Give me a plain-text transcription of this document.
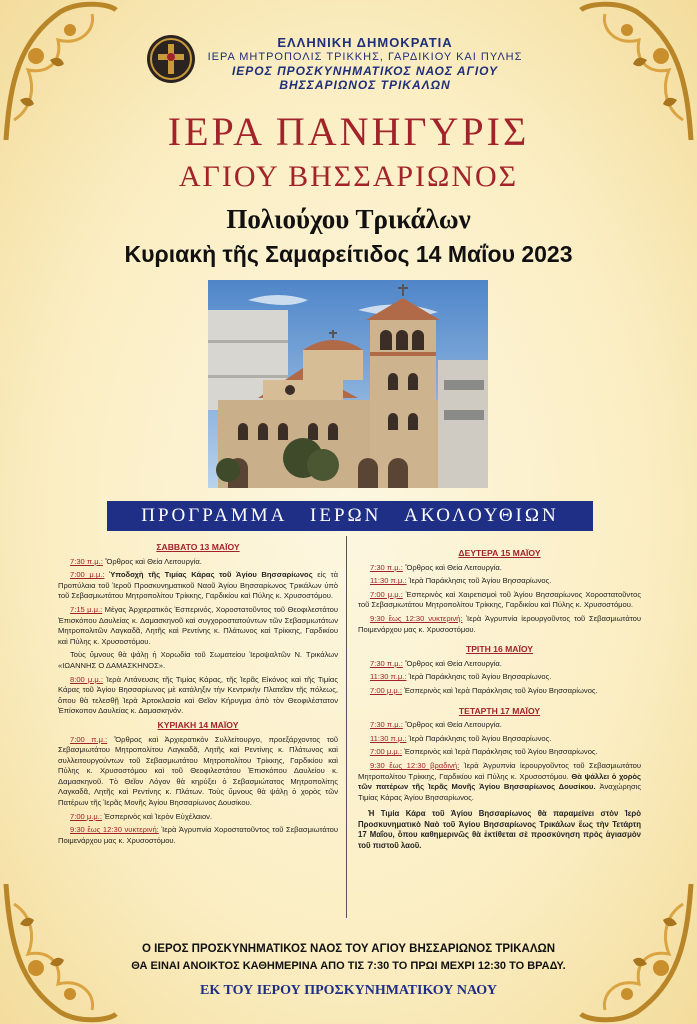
ΕΛΛΗΝΙΚΗ ΔΗΜΟΚΡΑΤΙΑ
ΙΕΡΑ ΜΗΤΡΟΠΟΛΙΣ ΤΡΙΚΚΗΣ, ΓΑΡΔΙΚΙΟΥ ΚΑΙ ΠΥΛΗΣ
ΙΕΡΟΣ ΠΡΟΣΚΥΝΗΜΑΤΙΚΟΣ ΝΑΟΣ ΑΓΙΟΥ
ΒΗΣΣΑΡΙΩΝΟΣ ΤΡΙΚΑΛΩΝ
ΙΕΡΑ ΠΑΝΗΓΥΡΙΣ
ΑΓΙΟΥ ΒΗΣΣΑΡΙΩΝΟΣ
Πολιούχου Τρικάλων
Κυριακὴ τῆς Σαμαρείτιδος 14 Μαΐου 2023
ΠΡΟΓΡΑΜΜΑ ΙΕΡΩΝ ΑΚΟΛΟΥΘΙΩΝ
ΣΑΒΒΑΤΟ 13 ΜΑΪΟΥ
7:30 π.μ.: Ὄρθρος καὶ Θεία Λειτουργία.
7:00 μ.μ.: Ὑποδοχὴ τῆς Τιμίας Κάρας τοῦ Ἁγίου Βησσαρίωνος εἰς τὰ Προπύλαια τοῦ Ἱεροῦ Προσκυνηματικοῦ Ναοῦ Ἁγίου Βησσαρίωνος Τρικάλων ὑπὸ τοῦ Σεβασμιωτάτου Μητροπολίτου Τρίκκης, Γαρδικίου καὶ Πύλης κ. Χρυσοστόμου.
7:15 μ.μ.: Μέγας Ἀρχιερατικὸς Ἑσπερινός, Χοροστατοῦντος τοῦ Θεοφιλεστάτου Ἐπισκόπου Δαυλείας κ. Δαμασκηνοῦ καὶ συγχοροστατούντων τῶν Σεβασμιωτάτων Μητροπολιτῶν Λαγκαδᾶ, Λητῆς καὶ Ρεντίνης κ. Πλάτωνος καὶ Τρίκκης, Γαρδικίου καὶ Πύλης κ. Χρυσοστόμου.
Τοὺς ὕμνους θὰ ψάλῃ ἡ Χορωδία τοῦ Σωματείου Ἱεροψαλτῶν Ν. Τρικάλων «ΙΩΑΝΝΗΣ Ο ΔΑΜΑΣΚΗΝΟΣ».
8:00 μ.μ.: Ἱερὰ Λιτάνευσις τῆς Τιμίας Κάρας, τῆς Ἱερᾶς Εἰκόνος καὶ τῆς Τιμίας Κάρας τοῦ Ἁγίου Βησσαρίωνος μὲ κατάληξιν τὴν Κεντρικὴν Πλατεῖαν τῆς πόλεως, ὅπου θὰ τελεσθῇ Ἱερὰ Ἀρτοκλασία καὶ Θεῖον Κήρυγμα ἀπὸ τὸν Θεοφιλέστατον Ἐπίσκοπον Δαυλείας κ. Δαμασκηνόν.
ΚΥΡΙΑΚΗ 14 ΜΑΪΟΥ
7:00 π.μ.: Ὄρθρος καὶ Ἀρχιερατικὸν Συλλείτουργο, προεξάρχοντος τοῦ Σεβασμιωτάτου Μητροπολίτου Λαγκαδᾶ, Λητῆς καὶ Ρεντίνης κ. Πλάτωνος καὶ συλλειτουργούντων τοῦ Σεβασμιωτάτου Μητροπολίτου Τρίκκης, Γαρδικίου καὶ Πύλης κ. Χρυσοστόμου καὶ τοῦ Θεοφιλεστάτου Ἐπισκόπου Δαυλείου κ. Δαμασκηνοῦ. Τὸ Θεῖον Λόγον θὰ κηρύξει ὁ Σεβασμιώτατος Μητροπολίτης Λαγκαδᾶ, Λητῆς καὶ Ρεντίνης κ. Πλάτων. Τοὺς ὕμνους θὰ ψάλῃ ὁ χορὸς τῶν Πατέρων τῆς Ἱερᾶς Μονῆς Ἁγίου Βησσαρίωνος Δουσίκου.
7:00 μ.μ.: Ἑσπερινὸς καὶ Ἱερὸν Εὐχέλαιον.
9:30 ἕως 12:30 νυκτερινή: Ἱερὰ Ἀγρυπνία Χοροστατοῦντος τοῦ Σεβασμιωτάτου Ποιμενάρχου μας κ. Χρυσοστόμου.
ΔΕΥΤΕΡΑ 15 ΜΑΪΟΥ
7:30 π.μ.: Ὄρθρος καὶ Θεία Λειτουργία.
11:30 π.μ.: Ἱερὰ Παράκλησις τοῦ Ἁγίου Βησσαρίωνος.
7:00 μ.μ.: Ἑσπερινὸς καὶ Χαιρετισμοὶ τοῦ Ἁγίου Βησσαρίωνος Χοροστατοῦντος τοῦ Σεβασμιωτάτου Μητροπολίτου Τρίκκης, Γαρδικίου καὶ Πύλης κ. Χρυσοστόμου.
9:30 ἕως 12:30 νυκτερινή: Ἱερὰ Ἀγρυπνία ἱερουργοῦντος τοῦ Σεβασμιωτάτου Ποιμενάρχου μας κ. Χρυσοστόμου.
ΤΡΙΤΗ 16 ΜΑΪΟΥ
7:30 π.μ.: Ὄρθρος καὶ Θεία Λειτουργία.
11:30 π.μ.: Ἱερὰ Παράκλησις τοῦ Ἁγίου Βησσαρίωνος.
7:00 μ.μ.: Ἑσπερινὸς καὶ Ἱερὰ Παράκλησις τοῦ Ἁγίου Βησσαρίωνος.
ΤΕΤΑΡΤΗ 17 ΜΑΪΟΥ
7:30 π.μ.: Ὄρθρος καὶ Θεία Λειτουργία.
11:30 π.μ.: Ἱερὰ Παράκλησις τοῦ Ἁγίου Βησσαρίωνος.
7:00 μ.μ.: Ἑσπερινὸς καὶ Ἱερὰ Παράκλησις τοῦ Ἁγίου Βησσαρίωνος.
9:30 ἕως 12:30 βραδινή: Ἱερὰ Ἀγρυπνία ἱερουργοῦντος τοῦ Σεβασμιωτάτου Μητροπολίτου Τρίκκης, Γαρδικίου καὶ Πύλης κ. Χρυσοστόμου. Θὰ ψάλλει ὁ χορὸς τῶν πατέρων τῆς Ἱερᾶς Μονῆς Ἁγίου Βησσαρίωνος Δουσίκου. Ἀναχώρησις Τιμίας Κάρας Ἁγίου Βησσαρίωνος.
Ἡ Τιμία Κάρα τοῦ Ἁγίου Βησσαρίωνος θὰ παραμείνει στὸν Ἱερὸ Προσκυνηματικὸ Ναὸ τοῦ Ἁγίου Βησσαρίωνος Τρικάλων ἕως τὴν Τετάρτη 17 Μαΐου, ὅπου καθημερινῶς θὰ ἐκτίθεται σὲ προσκύνηση πρὸς ἁγιασμὸν τοῦ πιστοῦ λαοῦ.
Ο ΙΕΡΟΣ ΠΡΟΣΚΥΝΗΜΑΤΙΚΟΣ ΝΑΟΣ ΤΟΥ ΑΓΙΟΥ ΒΗΣΣΑΡΙΩΝΟΣ ΤΡΙΚΑΛΩΝ
ΘΑ ΕΙΝΑΙ ΑΝΟΙΚΤΟΣ ΚΑΘΗΜΕΡΙΝΑ ΑΠΟ ΤΙΣ 7:30 ΤΟ ΠΡΩΙ ΜΕΧΡΙ 12:30 ΤΟ ΒΡΑΔΥ.
ΕΚ ΤΟΥ ΙΕΡΟΥ ΠΡΟΣΚΥΝΗΜΑΤΙΚΟΥ ΝΑΟΥ
